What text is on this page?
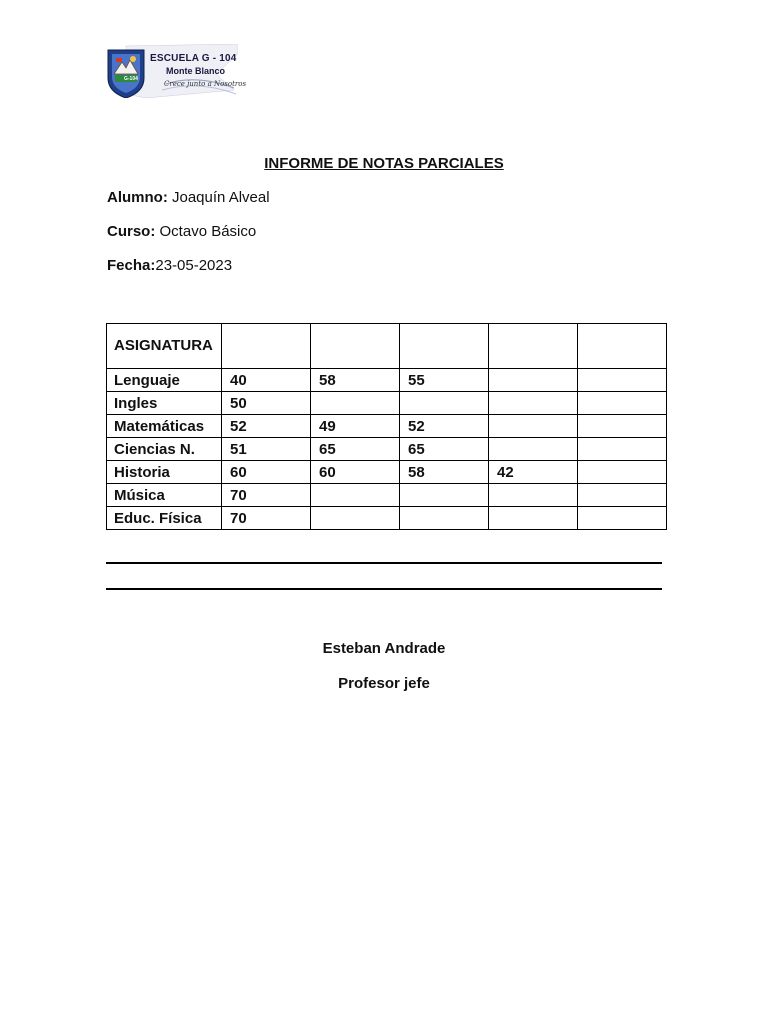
G-104
ESCUELA G - 104
Monte Blanco
Crece junto a Nosotros
INFORME DE NOTAS PARCIALES
Alumno: Joaquín Alveal
Curso: Octavo Básico
Fecha:23-05-2023
ASIGNATURA					
Lenguaje	40	58	55		
Ingles	50				
Matemáticas	52	49	52		
Ciencias N.	51	65	65		
Historia	60	60	58	42	
Música	70				
Educ. Física	70				
Esteban Andrade
Profesor jefe
